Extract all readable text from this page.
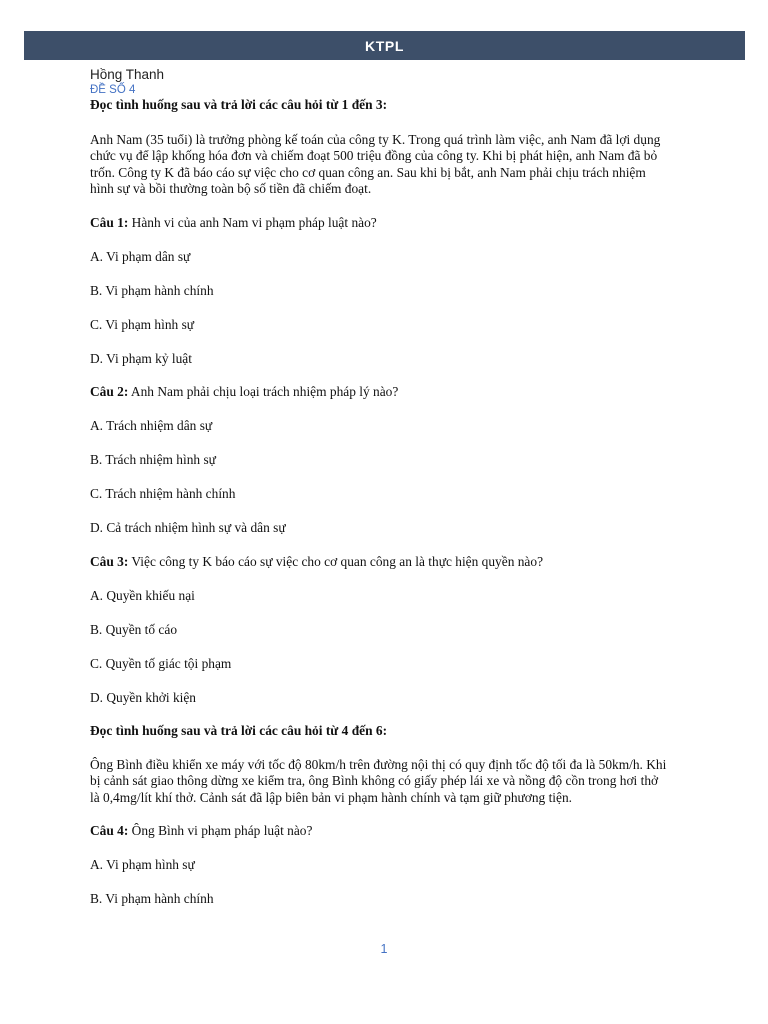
KTPL
Hồng Thanh
ĐỀ SỐ 4

Đọc tình huống sau và trả lời các câu hỏi từ 1 đến 3:

Anh Nam (35 tuổi) là trưởng phòng kế toán của công ty K. Trong quá trình làm việc, anh Nam đã lợi dụng chức vụ để lập khống hóa đơn và chiếm đoạt 500 triệu đồng của công ty. Khi bị phát hiện, anh Nam đã bỏ trốn. Công ty K đã báo cáo sự việc cho cơ quan công an. Sau khi bị bắt, anh Nam phải chịu trách nhiệm hình sự và bồi thường toàn bộ số tiền đã chiếm đoạt.

Câu 1: Hành vi của anh Nam vi phạm pháp luật nào?

A. Vi phạm dân sự

B. Vi phạm hành chính

C. Vi phạm hình sự

D. Vi phạm kỷ luật

Câu 2: Anh Nam phải chịu loại trách nhiệm pháp lý nào?

A. Trách nhiệm dân sự

B. Trách nhiệm hình sự

C. Trách nhiệm hành chính

D. Cả trách nhiệm hình sự và dân sự

Câu 3: Việc công ty K báo cáo sự việc cho cơ quan công an là thực hiện quyền nào?

A. Quyền khiếu nại

B. Quyền tố cáo

C. Quyền tố giác tội phạm

D. Quyền khởi kiện

Đọc tình huống sau và trả lời các câu hỏi từ 4 đến 6:

Ông Bình điều khiển xe máy với tốc độ 80km/h trên đường nội thị có quy định tốc độ tối đa là 50km/h. Khi bị cảnh sát giao thông dừng xe kiểm tra, ông Bình không có giấy phép lái xe và nồng độ cồn trong hơi thở là 0,4mg/lít khí thở. Cảnh sát đã lập biên bản vi phạm hành chính và tạm giữ phương tiện.

Câu 4: Ông Bình vi phạm pháp luật nào?

A. Vi phạm hình sự

B. Vi phạm hành chính

1
